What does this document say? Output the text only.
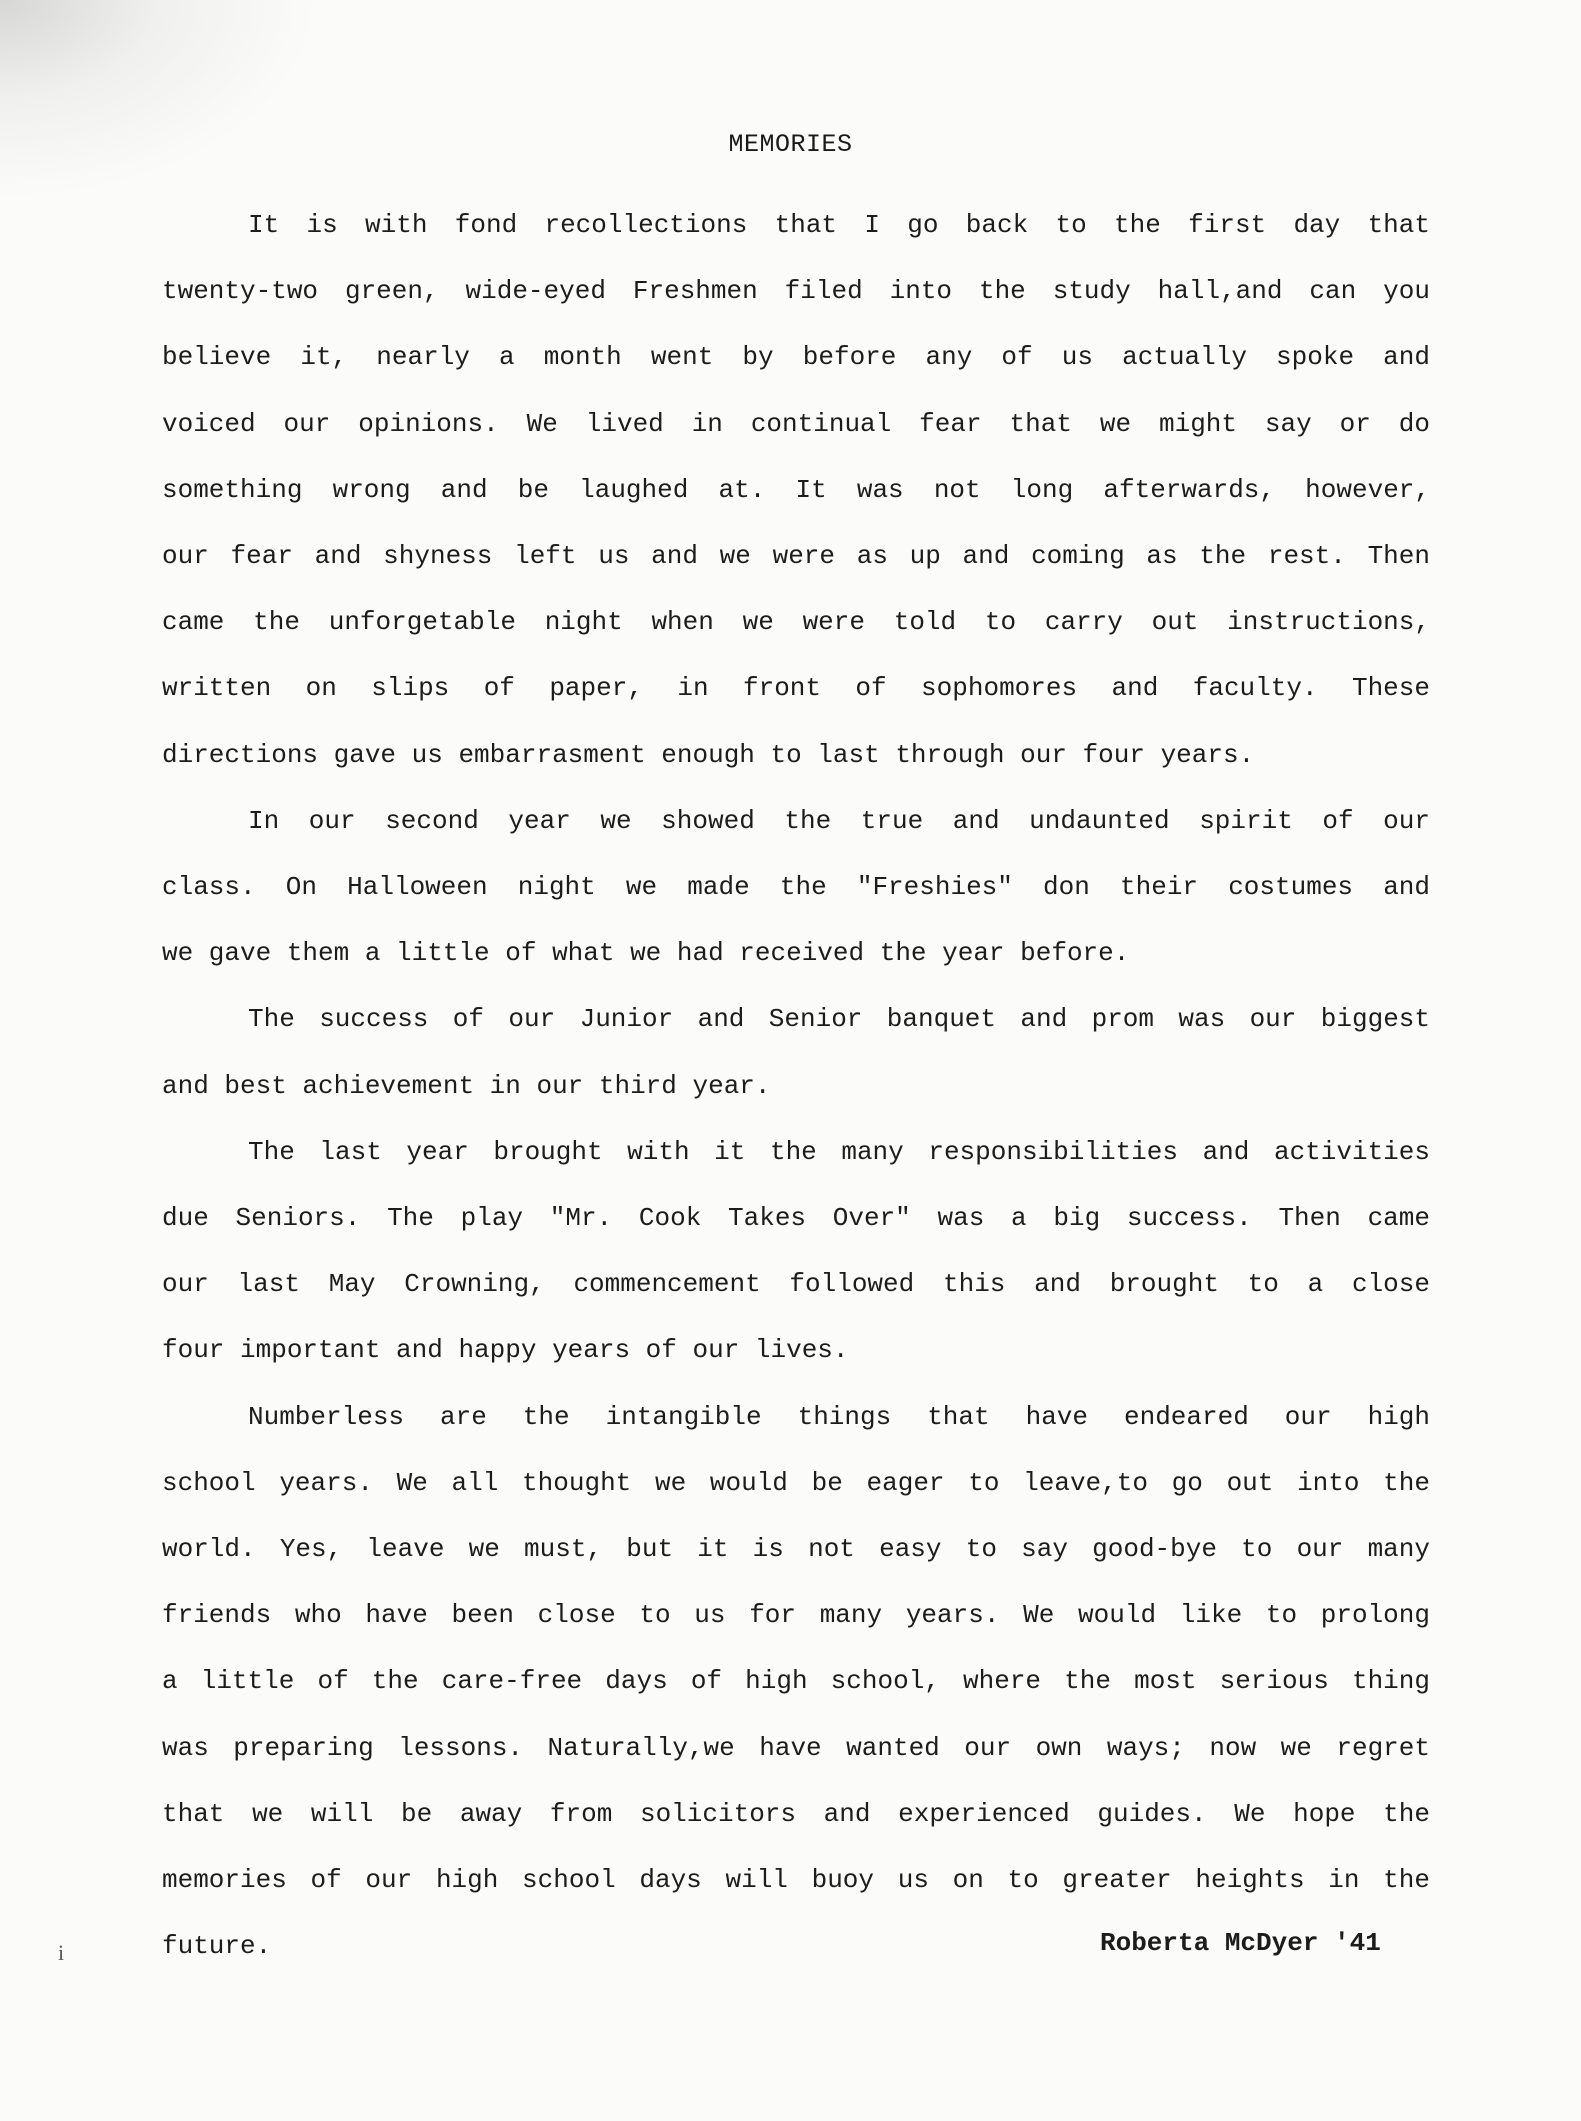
MEMORIES
It is with fond recollections that I go back to the first day that
twenty-two green, wide-eyed Freshmen filed into the study hall,and can you
believe it, nearly a month went by before any of us actually spoke and
voiced our opinions. We lived in continual fear that we might say or do
something wrong and be laughed at. It was not long afterwards, however,
our fear and shyness left us and we were as up and coming as the rest. Then
came the unforgetable night when we were told to carry out instructions,
written on slips of paper, in front of sophomores and faculty. These
directions gave us embarrasment enough to last through our four years.
In our second year we showed the true and undaunted spirit of our
class. On Halloween night we made the "Freshies" don their costumes and
we gave them a little of what we had received the year before.
The success of our Junior and Senior banquet and prom was our biggest
and best achievement in our third year.
The last year brought with it the many responsibilities and activities
due Seniors. The play "Mr. Cook Takes Over" was a big success. Then came
our last May Crowning, commencement followed this and brought to a close
four important and happy years of our lives.
Numberless are the intangible things that have endeared our high
school years. We all thought we would be eager to leave,to go out into the
world. Yes, leave we must, but it is not easy to say good-bye to our many
friends who have been close to us for many years. We would like to prolong
a little of the care-free days of high school, where the most serious thing
was preparing lessons. Naturally,we have wanted our own ways; now we regret
that we will be away from solicitors and experienced guides. We hope the
memories of our high school days will buoy us on to greater heights in the
future.	Roberta McDyer '41
i
